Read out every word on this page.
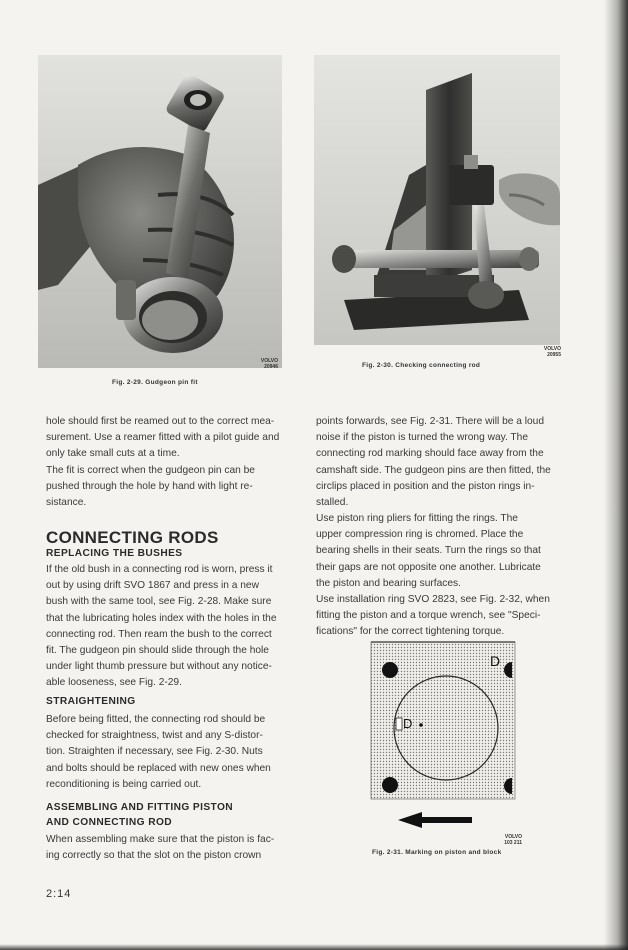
VOLVO
20946
Fig. 2-29. Gudgeon pin fit
VOLVO
20955
Fig. 2-30. Checking connecting rod

hole should first be reamed out to the correct mea-

surement. Use a reamer fitted with a pilot guide and

only take small cuts at a time.

The fit is correct when the gudgeon pin can be

pushed through the hole by hand with light re-

sistance.

CONNECTING RODS
REPLACING THE BUSHES

If the old bush in a connecting rod is worn, press it

out by using drift SVO 1867 and press in a new

bush with the same tool, see Fig. 2-28. Make sure

that the lubricating holes index with the holes in the

connecting rod. Then ream the bush to the correct

fit. The gudgeon pin should slide through the hole

under light thumb pressure but without any notice-

able looseness, see Fig. 2-29.

STRAIGHTENING

Before being fitted, the connecting rod should be

checked for straightness, twist and any S-distor-

tion. Straighten if necessary, see Fig. 2-30. Nuts

and bolts should be replaced with new ones when

reconditioning is being carried out.

ASSEMBLING AND FITTING PISTON
AND CONNECTING ROD

When assembling make sure that the piston is fac-

ing correctly so that the slot on the piston crown

2:14

points forwards, see Fig. 2-31. There will be a loud

noise if the piston is turned the wrong way. The

connecting rod marking should face away from the

camshaft side. The gudgeon pins are then fitted, the

circlips placed in position and the piston rings in-

stalled.

Use piston ring pliers for fitting the rings. The

upper compression ring is chromed. Place the

bearing shells in their seats. Turn the rings so that

their gaps are not opposite one another. Lubricate

the piston and bearing surfaces.

Use installation ring SVO 2823, see Fig. 2-32, when

fitting the piston and a torque wrench, see "Speci-

fications" for the correct tightening torque.

D
D
VOLVO
103 211
Fig. 2-31. Marking on piston and block
